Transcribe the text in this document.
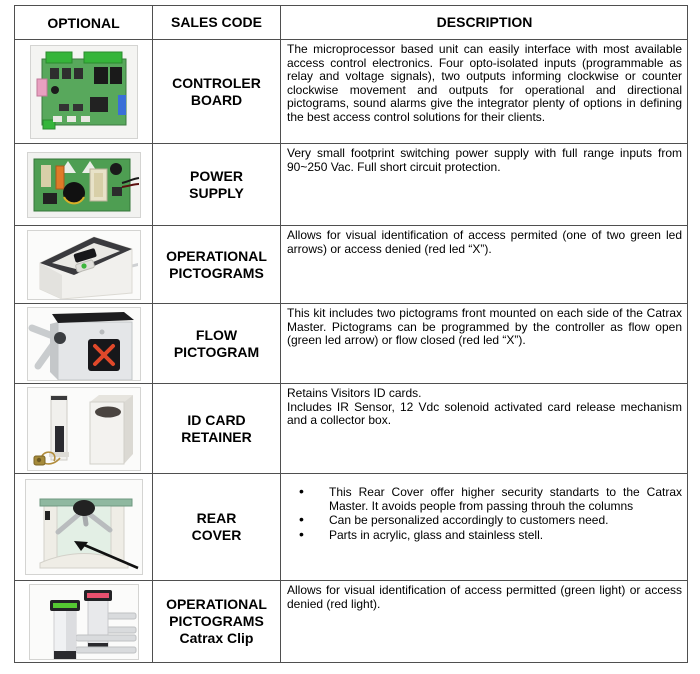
OPTIONAL	SALES CODE	DESCRIPTION
CONTROLER
BOARD

The microprocessor based unit can easily interface with most available access control electronics. Four opto-isolated inputs (programmable as relay and voltage signals), two outputs informing clockwise or counter clockwise movement and outputs for operational and directional pictograms, sound alarms give the integrator plenty of options in defining the best access control solutions for their clients.

POWER
SUPPLY

Very small footprint switching power supply with full range inputs from 90~250 Vac. Full short circuit protection.

OPERATIONAL
PICTOGRAMS

Allows for visual identification of access permited (one of two green led arrows) or access denied (red led “X”).

FLOW
PICTOGRAM

This kit includes two pictograms front mounted on each side of the Catrax Master. Pictograms can be programmed by the controller as flow open (green led arrow) or flow closed (red led “X”).

ID CARD
RETAINER

Retains Visitors ID cards.

Includes IR Sensor, 12 Vdc solenoid activated card release mechanism and a collector box.

REAR
COVER
• This Rear Cover offer higher security standarts to the Catrax Master. It avoids people from passing throuh the columns
• Can be personalized accordingly to customers need.
• Parts in acrylic, glass and stainless stell.
OPERATIONAL
PICTOGRAMS
Catrax Clip

Allows for visual identification of access permitted (green light) or access denied (red light).
